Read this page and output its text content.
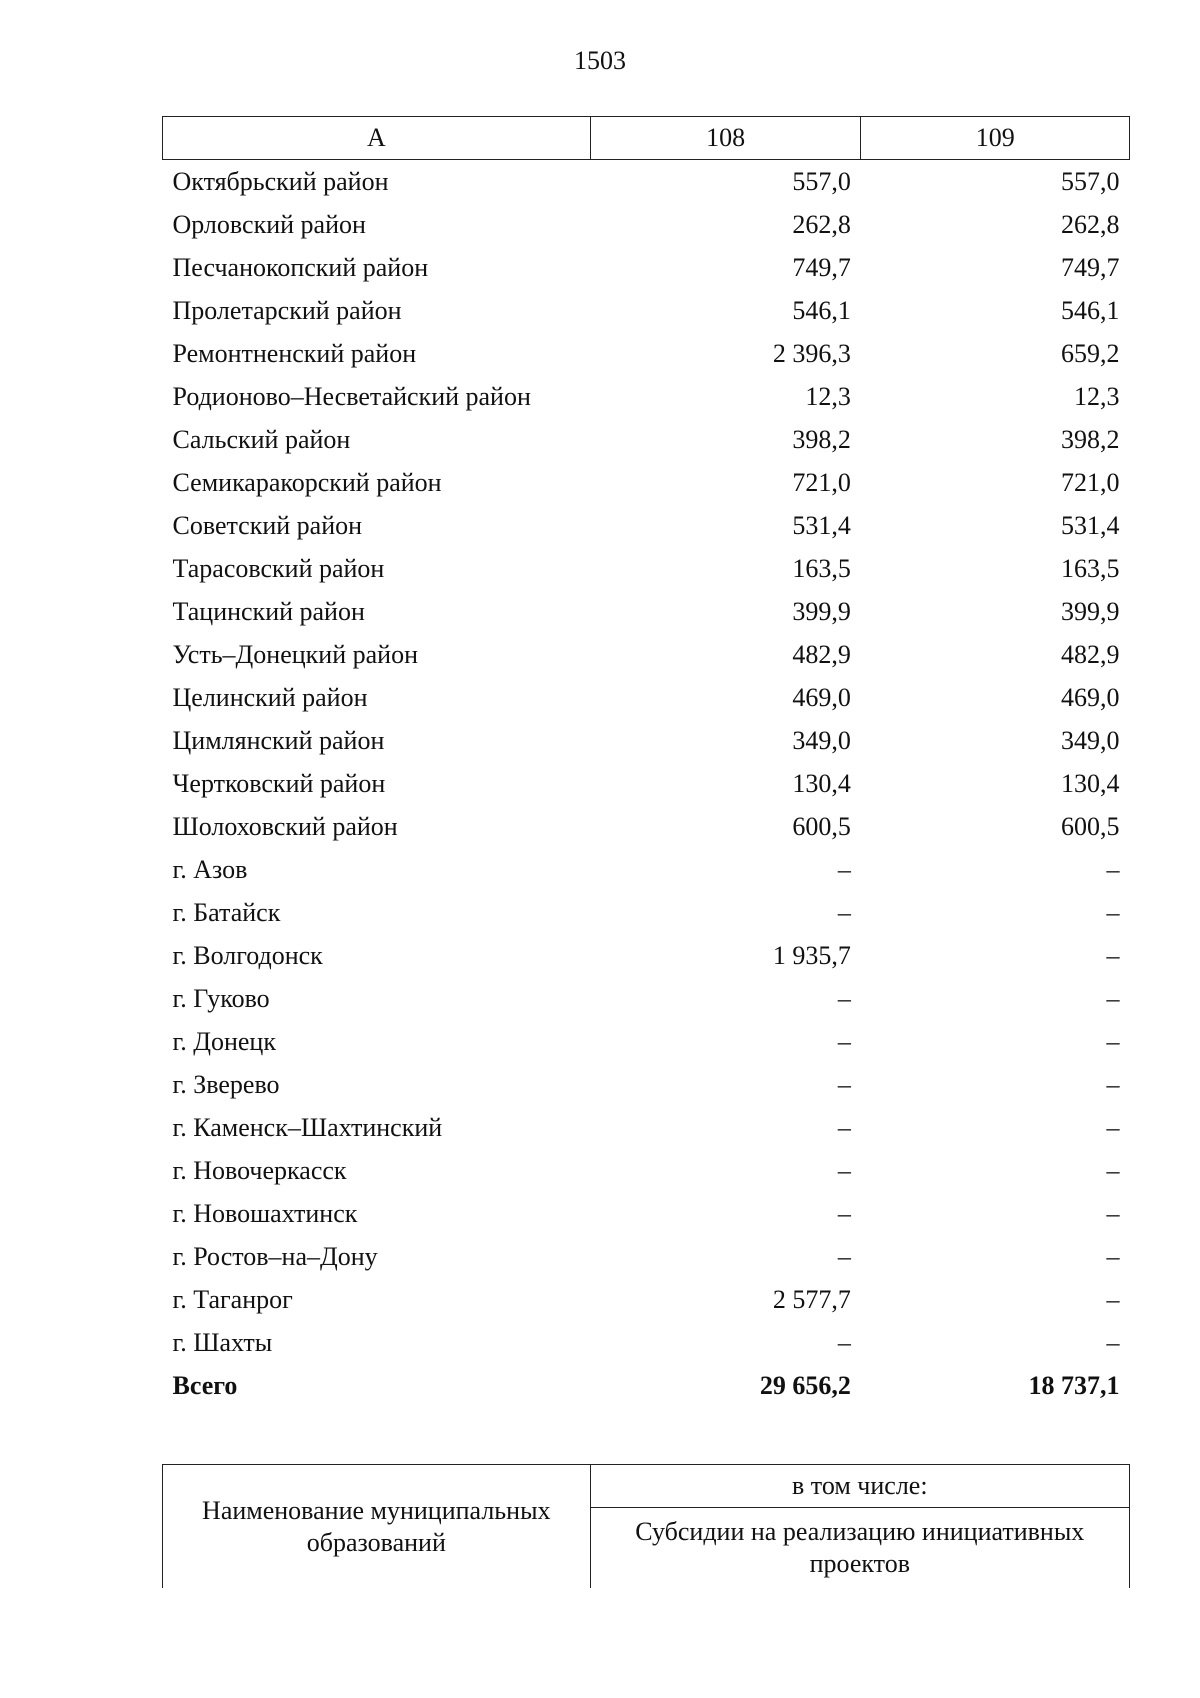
1503
А	108	109
Октябрьский район	557,0	557,0
Орловский район	262,8	262,8
Песчанокопский район	749,7	749,7
Пролетарский район	546,1	546,1
Ремонтненский район	2 396,3	659,2
Родионово–Несветайский район	12,3	12,3
Сальский район	398,2	398,2
Семикаракорский район	721,0	721,0
Советский район	531,4	531,4
Тарасовский район	163,5	163,5
Тацинский район	399,9	399,9
Усть–Донецкий район	482,9	482,9
Целинский район	469,0	469,0
Цимлянский район	349,0	349,0
Чертковский район	130,4	130,4
Шолоховский район	600,5	600,5
г. Азов	–	–
г. Батайск	–	–
г. Волгодонск	1 935,7	–
г. Гуково	–	–
г. Донецк	–	–
г. Зверево	–	–
г. Каменск–Шахтинский	–	–
г. Новочеркасск	–	–
г. Новошахтинск	–	–
г. Ростов–на–Дону	–	–
г. Таганрог	2 577,7	–
г. Шахты	–	–
Всего	29 656,2	18 737,1
Наименование муниципальных образований	в том числе:
Субсидии на реализацию инициативных проектов
